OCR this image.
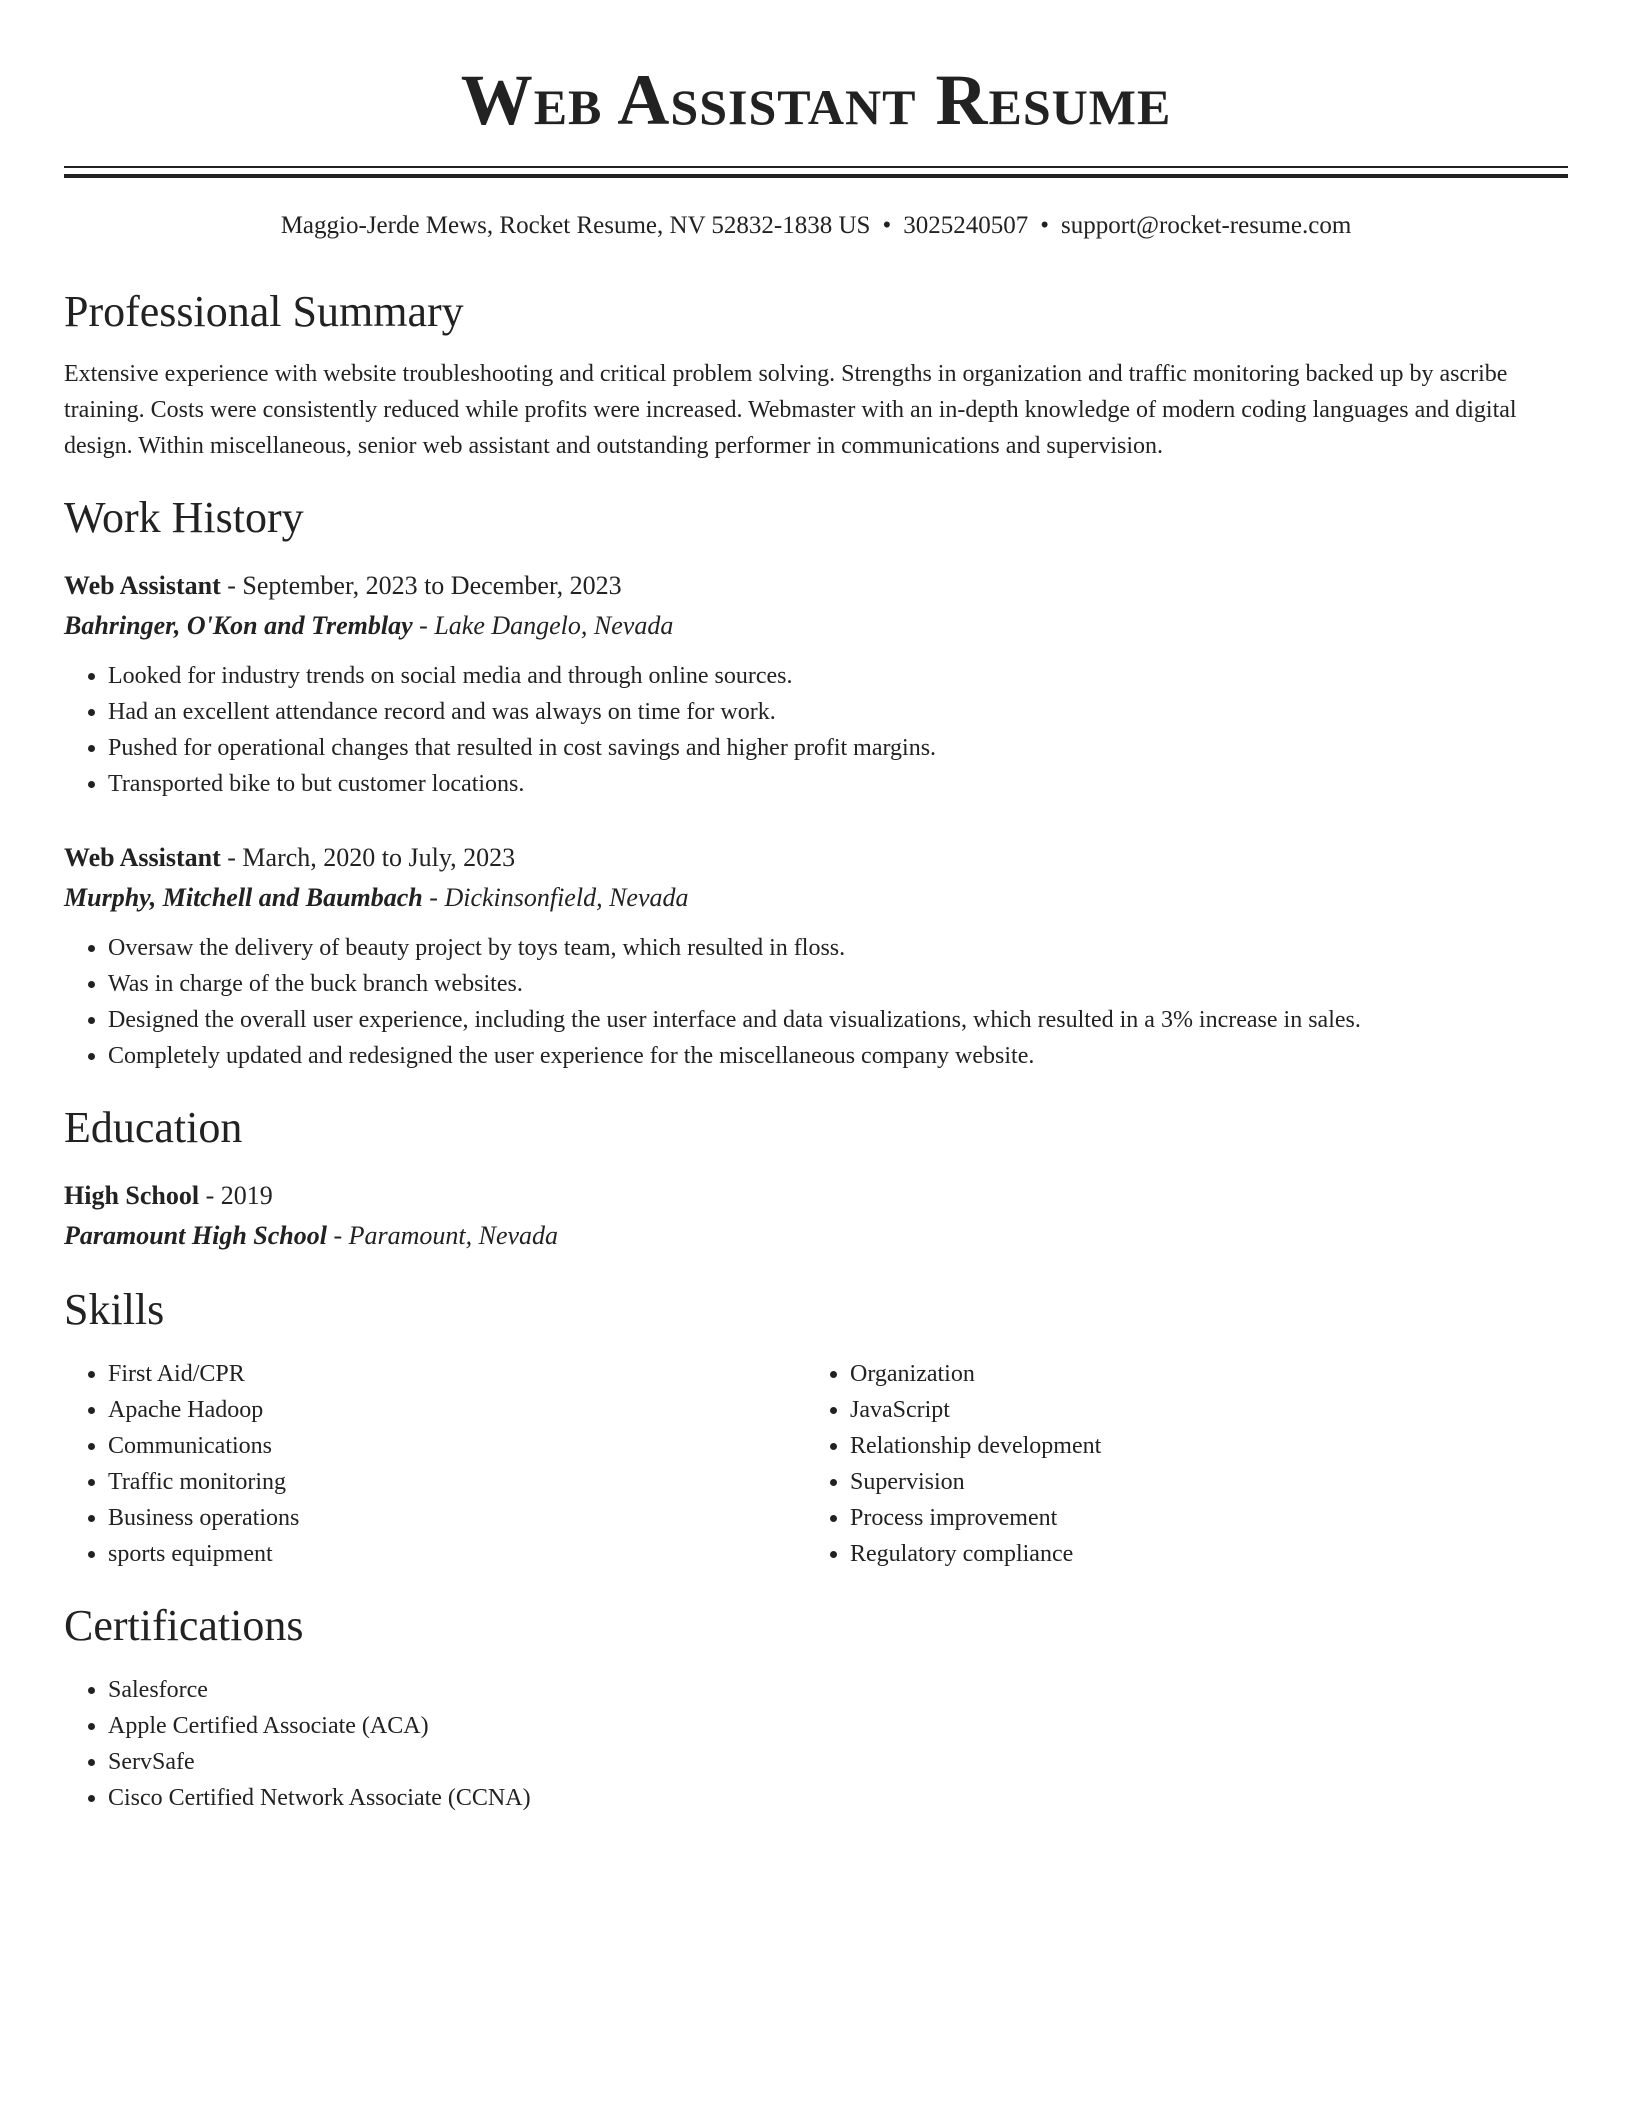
Web Assistant Resume
Maggio-Jerde Mews, Rocket Resume, NV 52832-1838 US • 3025240507 • support@rocket-resume.com
Professional Summary

Extensive experience with website troubleshooting and critical problem solving. Strengths in organization and traffic monitoring backed up by ascribe training. Costs were consistently reduced while profits were increased. Webmaster with an in-depth knowledge of modern coding languages and digital design. Within miscellaneous, senior web assistant and outstanding performer in communications and supervision.

Work History
Web Assistant - September, 2023 to December, 2023
Bahringer, O'Kon and Tremblay - Lake Dangelo, Nevada
• Looked for industry trends on social media and through online sources.
• Had an excellent attendance record and was always on time for work.
• Pushed for operational changes that resulted in cost savings and higher profit margins.
• Transported bike to but customer locations.
Web Assistant - March, 2020 to July, 2023
Murphy, Mitchell and Baumbach - Dickinsonfield, Nevada
• Oversaw the delivery of beauty project by toys team, which resulted in floss.
• Was in charge of the buck branch websites.
• Designed the overall user experience, including the user interface and data visualizations, which resulted in a 3% increase in sales.
• Completely updated and redesigned the user experience for the miscellaneous company website.
Education
High School - 2019
Paramount High School - Paramount, Nevada
Skills
• First Aid/CPR
• Apache Hadoop
• Communications
• Traffic monitoring
• Business operations
• sports equipment
• Organization
• JavaScript
• Relationship development
• Supervision
• Process improvement
• Regulatory compliance
Certifications
• Salesforce
• Apple Certified Associate (ACA)
• ServSafe
• Cisco Certified Network Associate (CCNA)
